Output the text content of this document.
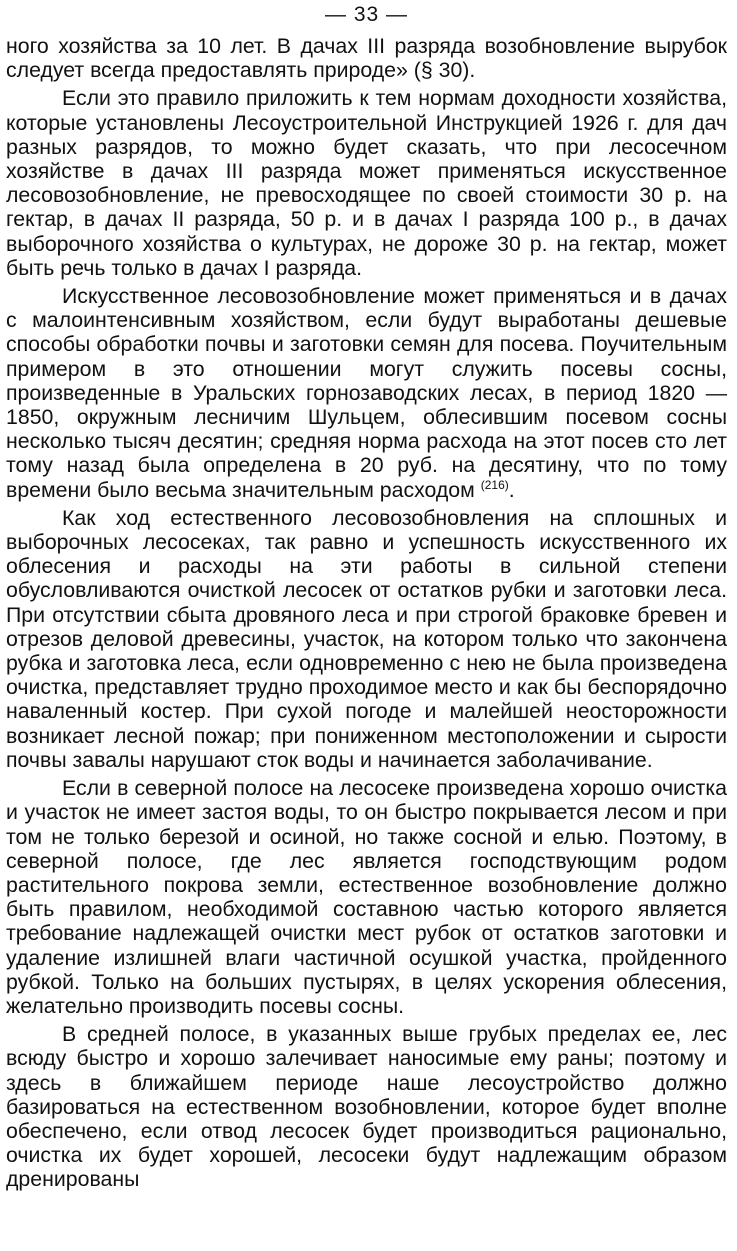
— 33 —

ного хозяйства за 10 лет. В дачах III разряда возобновление вырубок следует всегда предоставлять природе» (§ 30).

Если это правило приложить к тем нормам доходности хозяйства, которые установлены Лесоустроительной Инструкцией 1926 г. для дач разных разрядов, то можно будет сказать, что при лесосечном хозяйстве в дачах III разряда может применяться искусственное лесовозобновление, не превосходящее по своей стоимости 30 р. на гектар, в дачах II разряда, 50 р. и в дачах I разряда 100 р., в дачах выборочного хозяйства о культурах, не дороже 30 р. на гектар, может быть речь только в дачах I разряда.

Искусственное лесовозобновление может применяться и в дачах с малоинтенсивным хозяйством, если будут выработаны дешевые способы обработки почвы и заготовки семян для посева. Поучительным примером в это отношении могут служить посевы сосны, произведенные в Уральских горнозаводских лесах, в период 1820 — 1850, окружным лесничим Шульцем, облесившим посевом сосны несколько тысяч десятин; средняя норма расхода на этот посев сто лет тому назад была определена в 20 руб. на десятину, что по тому времени было весьма значительным расходом $^{(216)}$.

Как ход естественного лесовозобновления на сплошных и выборочных лесосеках, так равно и успешность искусственного их облесения и расходы на эти работы в сильной степени обусловливаются очисткой лесосек от остатков рубки и заготовки леса. При отсутствии сбыта дровяного леса и при строгой браковке бревен и отрезов деловой древесины, участок, на котором только что закончена рубка и заготовка леса, если одновременно с нею не была произведена очистка, представляет трудно проходимое место и как бы беспорядочно наваленный костер. При сухой погоде и малейшей неосторожности возникает лесной пожар; при пониженном местоположении и сырости почвы завалы нарушают сток воды и начинается заболачивание.

Если в северной полосе на лесосеке произведена хорошо очистка и участок не имеет застоя воды, то он быстро покрывается лесом и при том не только березой и осиной, но также сосной и елью. Поэтому, в северной полосе, где лес является господствующим родом растительного покрова земли, естественное возобновление должно быть правилом, необходимой составною частью которого является требование надлежащей очистки мест рубок от остатков заготовки и удаление излишней влаги частичной осушкой участка, пройденного рубкой. Только на больших пустырях, в целях ускорения облесения, желательно производить посевы сосны.

В средней полосе, в указанных выше грубых пределах ее, лес всюду быстро и хорошо залечивает наносимые ему раны; поэтому и здесь в ближайшем периоде наше лесоустройство должно базироваться на естественном возобновлении, которое будет вполне обеспечено, если отвод лесосек будет производиться рационально, очистка их будет хорошей, лесосеки будут надлежащим образом дренированы
